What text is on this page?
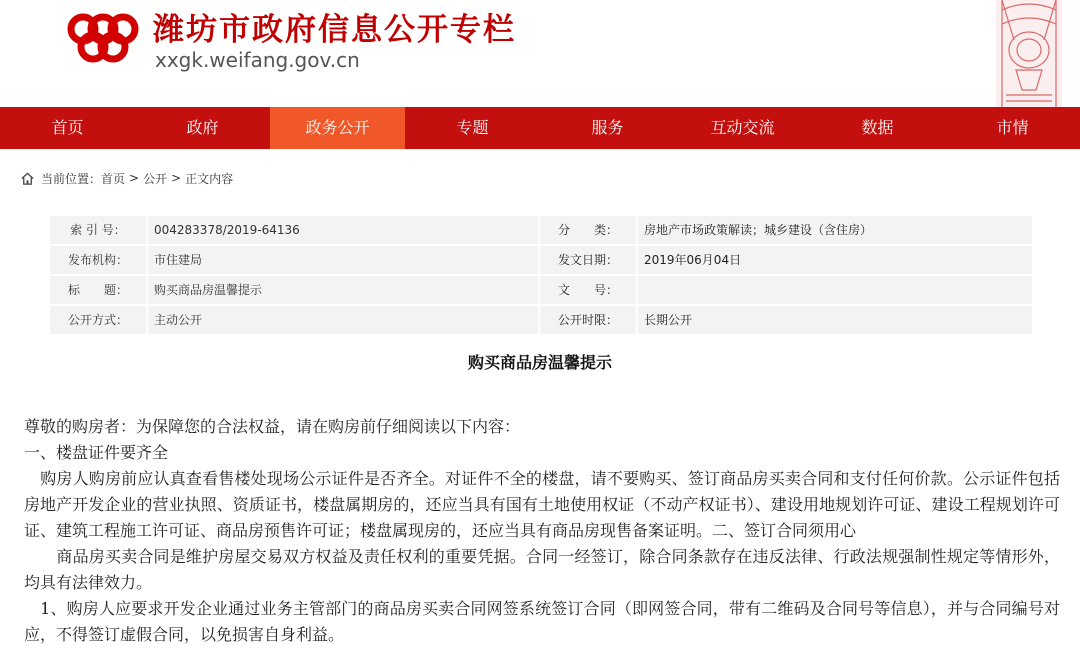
潍坊市政府信息公开专栏
xxgk.weifang.gov.cn
首页	政府	政务公开	专题	服务	互动交流	数据	市情
当前位置： 首页 > 公开 > 正文内容
索 引 号：	004283378/2019-64136	分　　类：	房地产市场政策解读；城乡建设（含住房）
发布机构：	市住建局	发文日期：	2019年06月04日
标　　题：	购买商品房温馨提示	文　　号：
公开方式：	主动公开	公开时限：	长期公开
购买商品房温馨提示

尊敬的购房者：为保障您的合法权益，请在购房前仔细阅读以下内容：

一、楼盘证件要齐全

　购房人购房前应认真查看售楼处现场公示证件是否齐全。对证件不全的楼盘，请不要购买、签订商品房买卖合同和支付任何价款。公示证件包括房地产开发企业的营业执照、资质证书，楼盘属期房的，还应当具有国有土地使用权证（不动产权证书）、建设用地规划许可证、建设工程规划许可证、建筑工程施工许可证、商品房预售许可证；楼盘属现房的，还应当具有商品房现售备案证明。二、签订合同须用心

　　商品房买卖合同是维护房屋交易双方权益及责任权利的重要凭据。合同一经签订，除合同条款存在违反法律、行政法规强制性规定等情形外，均具有法律效力。

　1、购房人应要求开发企业通过业务主管部门的商品房买卖合同网签系统签订合同（即网签合同，带有二维码及合同号等信息），并与合同编号对应，不得签订虚假合同，以免损害自身利益。
